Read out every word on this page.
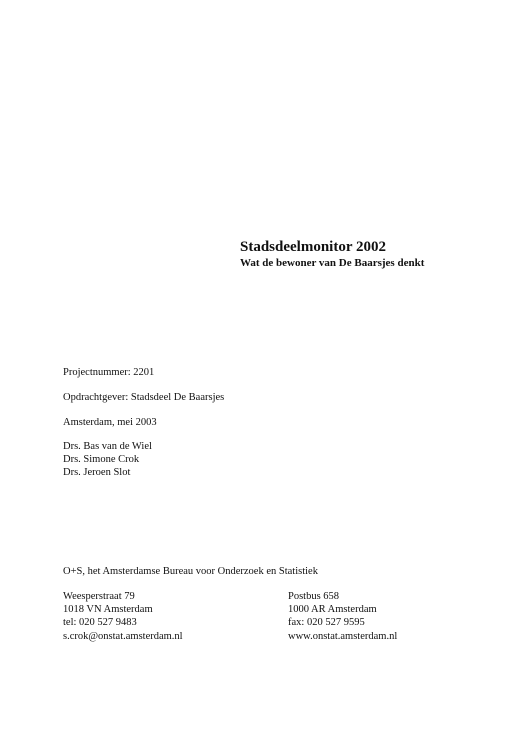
Stadsdeelmonitor 2002
Wat de bewoner van De Baarsjes denkt
Projectnummer: 2201
Opdrachtgever: Stadsdeel De Baarsjes
Amsterdam, mei 2003
Drs. Bas van de Wiel
Drs. Simone Crok
Drs. Jeroen Slot
O+S, het Amsterdamse Bureau voor Onderzoek en Statistiek
Weesperstraat 79
1018 VN Amsterdam
tel: 020 527 9483
s.crok@onstat.amsterdam.nl
Postbus 658
1000 AR Amsterdam
fax: 020 527 9595
www.onstat.amsterdam.nl
